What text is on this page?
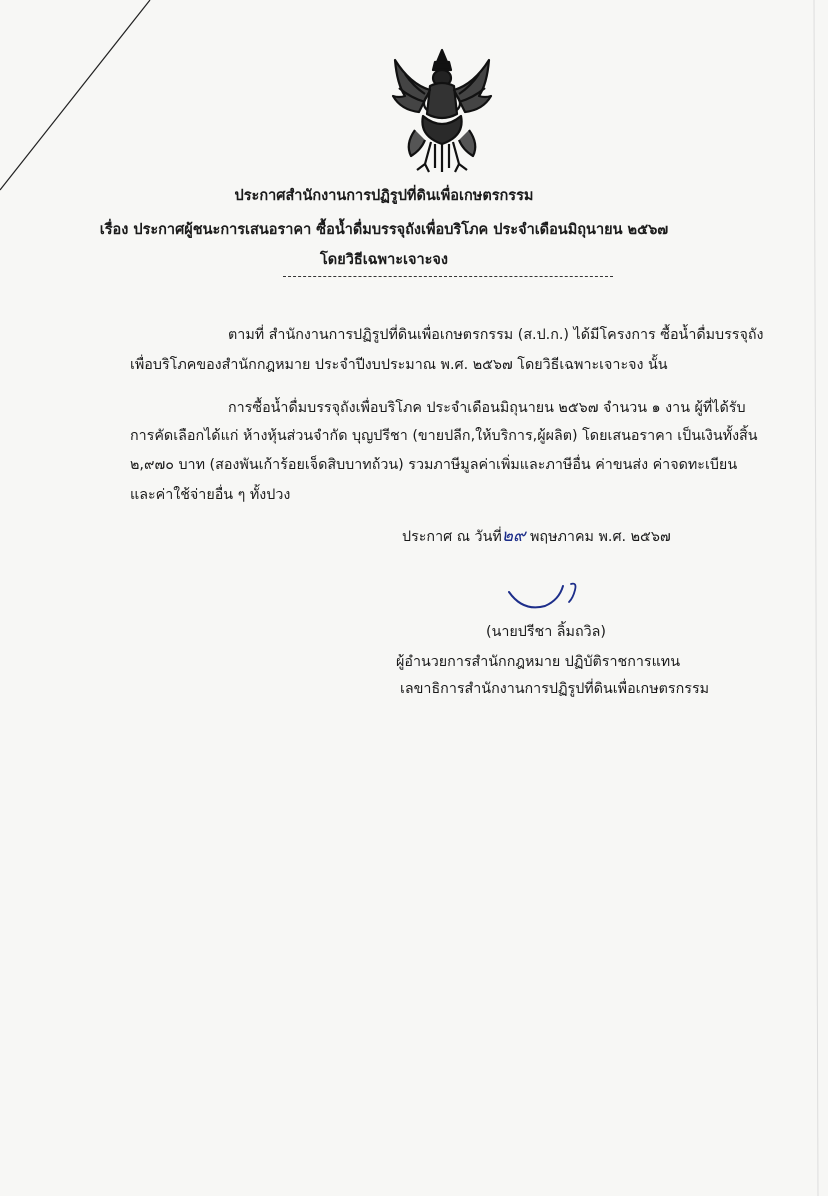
ประกาศสำนักงานการปฏิรูปที่ดินเพื่อเกษตรกรรม
เรื่อง ประกาศผู้ชนะการเสนอราคา ซื้อน้ำดื่มบรรจุถังเพื่อบริโภค ประจำเดือนมิถุนายน ๒๕๖๗
โดยวิธีเฉพาะเจาะจง
ตามที่ สำนักงานการปฏิรูปที่ดินเพื่อเกษตรกรรม (ส.ป.ก.) ได้มีโครงการ ซื้อน้ำดื่มบรรจุถัง
เพื่อบริโภคของสำนักกฎหมาย ประจำปีงบประมาณ พ.ศ. ๒๕๖๗ โดยวิธีเฉพาะเจาะจง นั้น
การซื้อน้ำดื่มบรรจุถังเพื่อบริโภค ประจำเดือนมิถุนายน ๒๕๖๗ จำนวน ๑ งาน ผู้ที่ได้รับ
การคัดเลือกได้แก่ ห้างหุ้นส่วนจำกัด บุญปรีชา (ขายปลีก,ให้บริการ,ผู้ผลิต) โดยเสนอราคา เป็นเงินทั้งสิ้น
๒,๙๗๐ บาท (สองพันเก้าร้อยเจ็ดสิบบาทถ้วน) รวมภาษีมูลค่าเพิ่มและภาษีอื่น ค่าขนส่ง ค่าจดทะเบียน
และค่าใช้จ่ายอื่น ๆ ทั้งปวง
ประกาศ ณ วันที่๒๙ พฤษภาคม พ.ศ. ๒๕๖๗
(นายปรีชา ลิ้มถวิล)
ผู้อำนวยการสำนักกฎหมาย ปฏิบัติราชการแทน
เลขาธิการสำนักงานการปฏิรูปที่ดินเพื่อเกษตรกรรม
